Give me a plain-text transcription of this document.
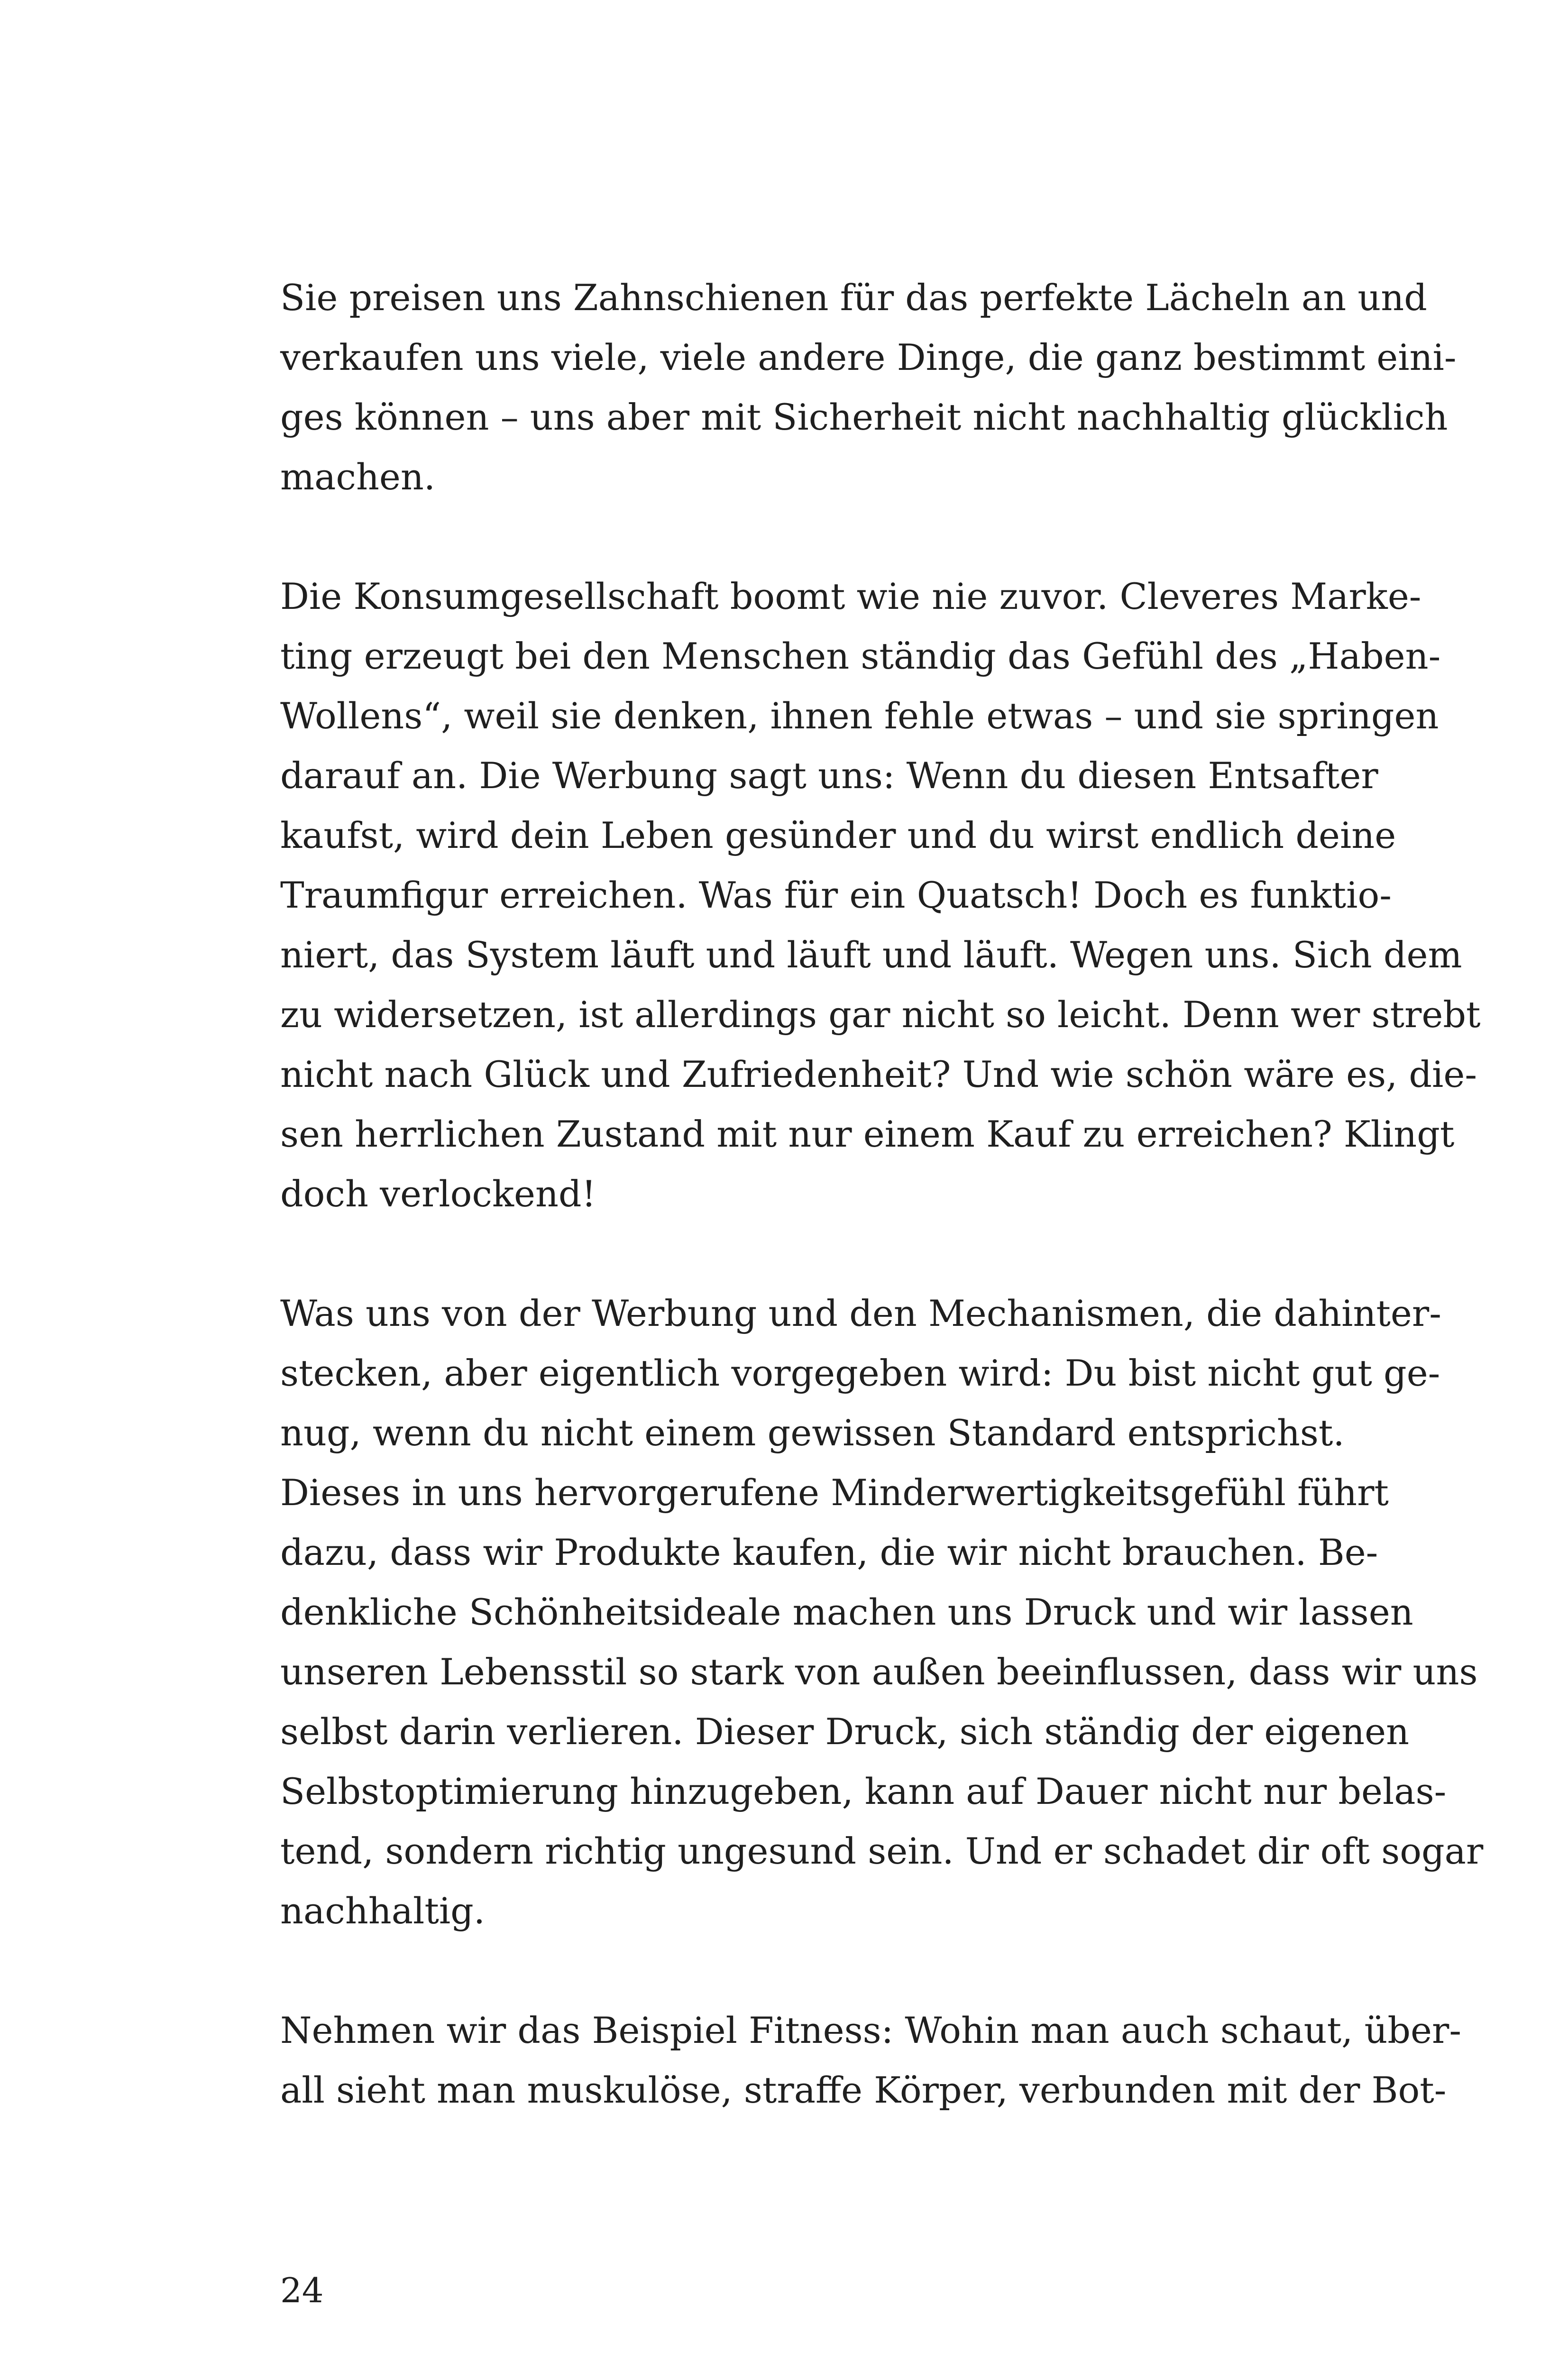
Sie preisen uns Zahnschienen für das perfekte Lächeln an und
verkaufen uns viele, viele andere Dinge, die ganz bestimmt eini-
ges können – uns aber mit Sicherheit nicht nachhaltig glücklich
machen.

Die Konsumgesellschaft boomt wie nie zuvor. Cleveres Marke-
ting erzeugt bei den Menschen ständig das Gefühl des „Haben-
Wollens“, weil sie denken, ihnen fehle etwas – und sie springen
darauf an. Die Werbung sagt uns: Wenn du diesen Entsafter
kaufst, wird dein Leben gesünder und du wirst endlich deine
Traumfigur erreichen. Was für ein Quatsch! Doch es funktio-
niert, das System läuft und läuft und läuft. Wegen uns. Sich dem
zu widersetzen, ist allerdings gar nicht so leicht. Denn wer strebt
nicht nach Glück und Zufriedenheit? Und wie schön wäre es, die-
sen herrlichen Zustand mit nur einem Kauf zu erreichen? Klingt
doch verlockend!

Was uns von der Werbung und den Mechanismen, die dahinter-
stecken, aber eigentlich vorgegeben wird: Du bist nicht gut ge-
nug, wenn du nicht einem gewissen Standard entsprichst.
Dieses in uns hervorgerufene Minderwertigkeitsgefühl führt
dazu, dass wir Produkte kaufen, die wir nicht brauchen. Be-
denkliche Schönheitsideale machen uns Druck und wir lassen
unseren Lebensstil so stark von außen beeinflussen, dass wir uns
selbst darin verlieren. Dieser Druck, sich ständig der eigenen
Selbstoptimierung hinzugeben, kann auf Dauer nicht nur belas-
tend, sondern richtig ungesund sein. Und er schadet dir oft sogar
nachhaltig.

Nehmen wir das Beispiel Fitness: Wohin man auch schaut, über-
all sieht man muskulöse, straffe Körper, verbunden mit der Bot-

24
